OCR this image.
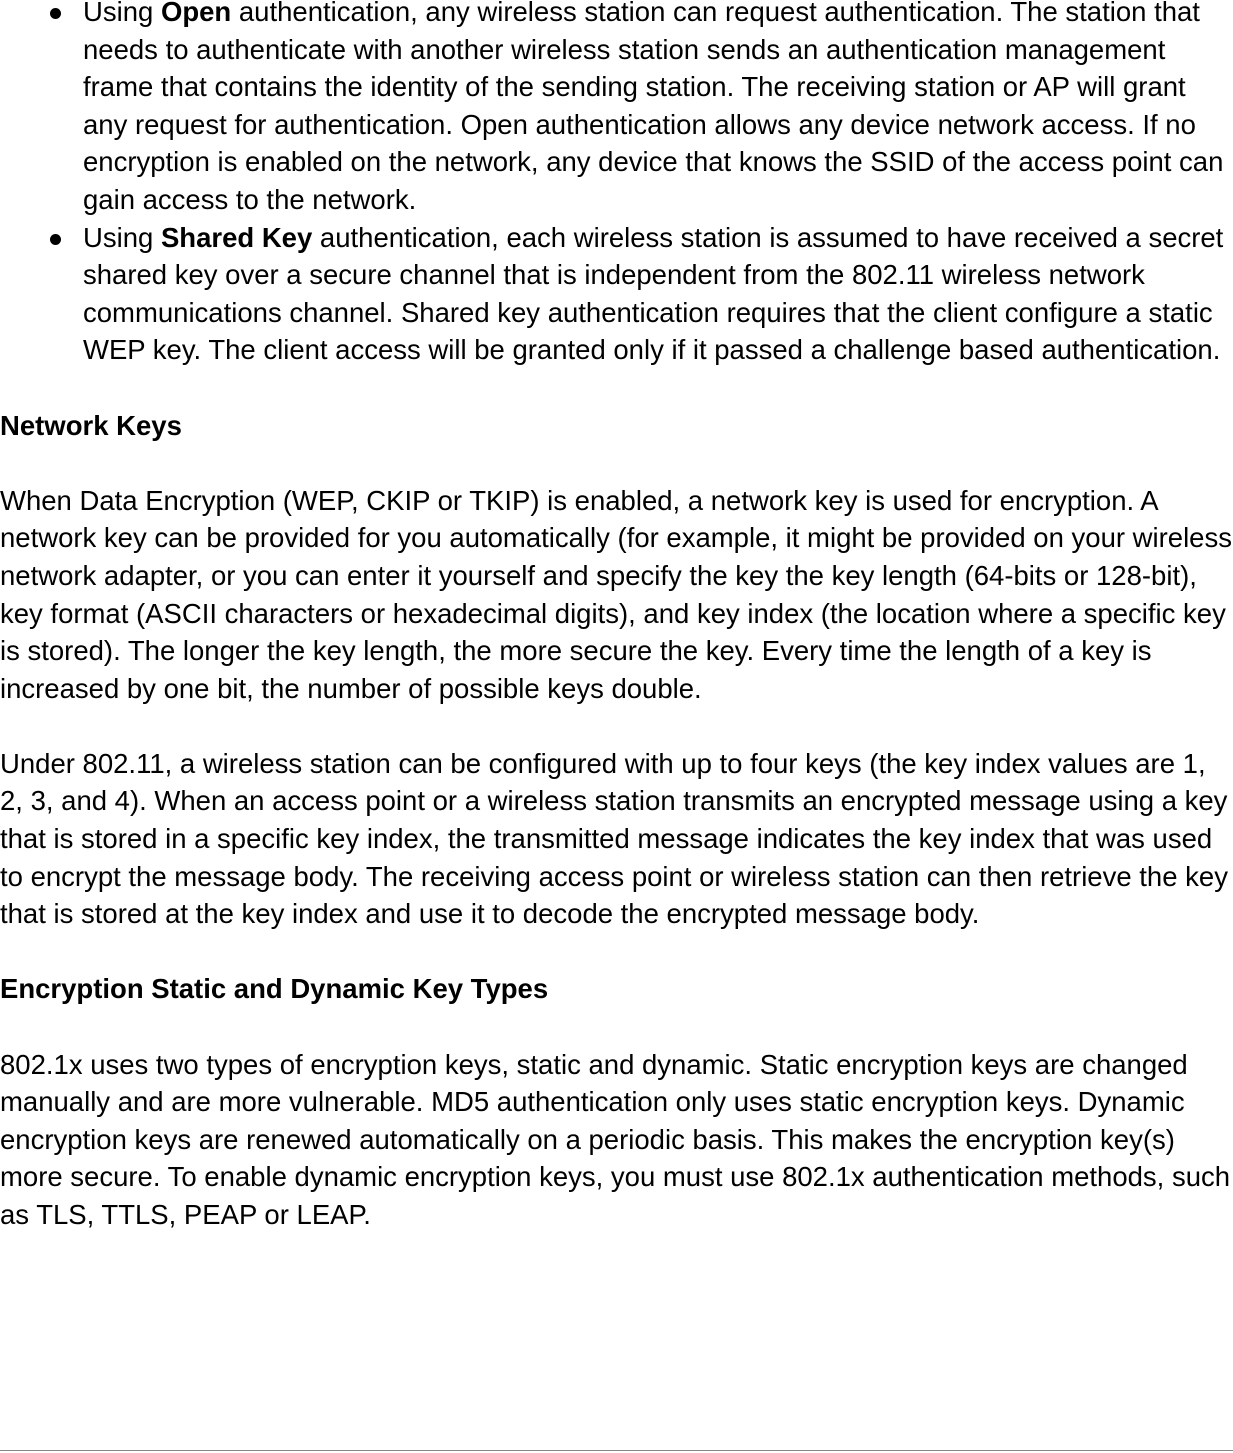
Using Open authentication, any wireless station can request authentication. The station that needs to authenticate with another wireless station sends an authentication management frame that contains the identity of the sending station. The receiving station or AP will grant any request for authentication. Open authentication allows any device network access. If no encryption is enabled on the network, any device that knows the SSID of the access point can gain access to the network.
Using Shared Key authentication, each wireless station is assumed to have received a secret shared key over a secure channel that is independent from the 802.11 wireless network communications channel. Shared key authentication requires that the client configure a static WEP key. The client access will be granted only if it passed a challenge based authentication.
Network Keys

When Data Encryption (WEP, CKIP or TKIP) is enabled, a network key is used for encryption. A network key can be provided for you automatically (for example, it might be provided on your wireless network adapter, or you can enter it yourself and specify the key the key length (64-bits or 128-bit), key format (ASCII characters or hexadecimal digits), and key index (the location where a specific key is stored). The longer the key length, the more secure the key. Every time the length of a key is increased by one bit, the number of possible keys double.

Under 802.11, a wireless station can be configured with up to four keys (the key index values are 1, 2, 3, and 4). When an access point or a wireless station transmits an encrypted message using a key that is stored in a specific key index, the transmitted message indicates the key index that was used to encrypt the message body. The receiving access point or wireless station can then retrieve the key that is stored at the key index and use it to decode the encrypted message body.

Encryption Static and Dynamic Key Types

802.1x uses two types of encryption keys, static and dynamic. Static encryption keys are changed manually and are more vulnerable. MD5 authentication only uses static encryption keys. Dynamic encryption keys are renewed automatically on a periodic basis. This makes the encryption key(s) more secure. To enable dynamic encryption keys, you must use 802.1x authentication methods, such as TLS, TTLS, PEAP or LEAP.
